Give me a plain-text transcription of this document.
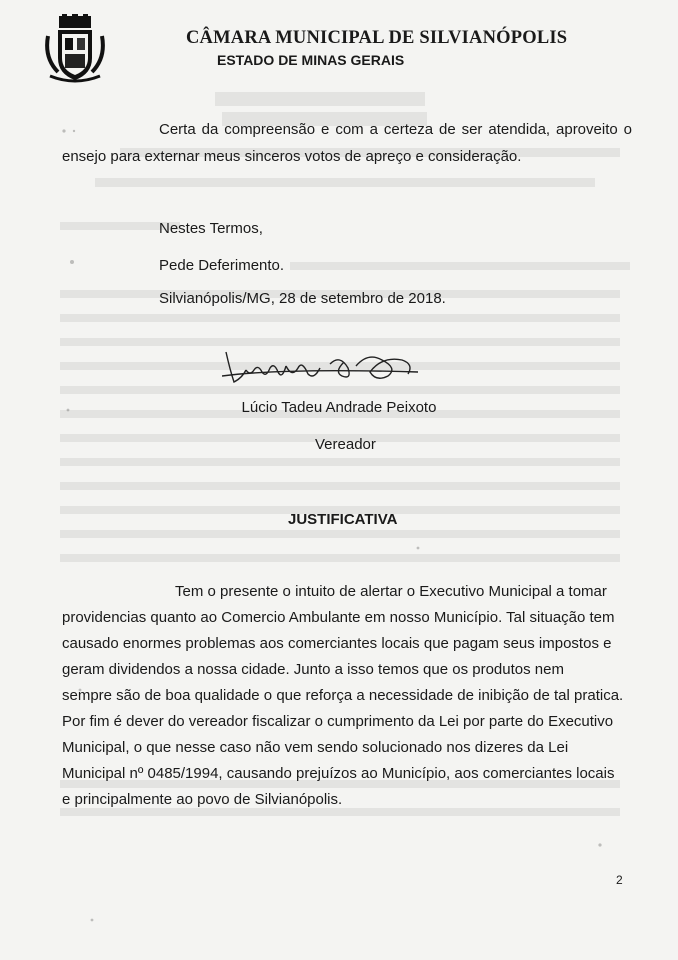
CÂMARA MUNICIPAL DE SILVIANÓPOLIS
ESTADO DE MINAS GERAIS
Certa da compreensão e com a certeza de ser atendida, aproveito o ensejo para externar meus sinceros votos de apreço e consideração.
Nestes Termos,
Pede Deferimento.
Silvianópolis/MG, 28 de setembro de 2018.
Lúcio Tadeu Andrade Peixoto
Vereador
JUSTIFICATIVA
Tem o presente o intuito de alertar o Executivo Municipal a tomar
providencias quanto ao Comercio Ambulante em nosso Município. Tal situação tem
causado enormes problemas aos comerciantes locais que pagam seus impostos e
geram dividendos a nossa cidade. Junto a isso temos que os produtos nem
sempre são de boa qualidade o que reforça a necessidade de inibição de tal pratica.
Por fim é dever do vereador fiscalizar o cumprimento da Lei por parte do Executivo
Municipal, o que nesse caso não vem sendo solucionado nos dizeres da Lei
Municipal nº 0485/1994, causando prejuízos ao Município, aos comerciantes locais
e principalmente ao povo de Silvianópolis.
2
